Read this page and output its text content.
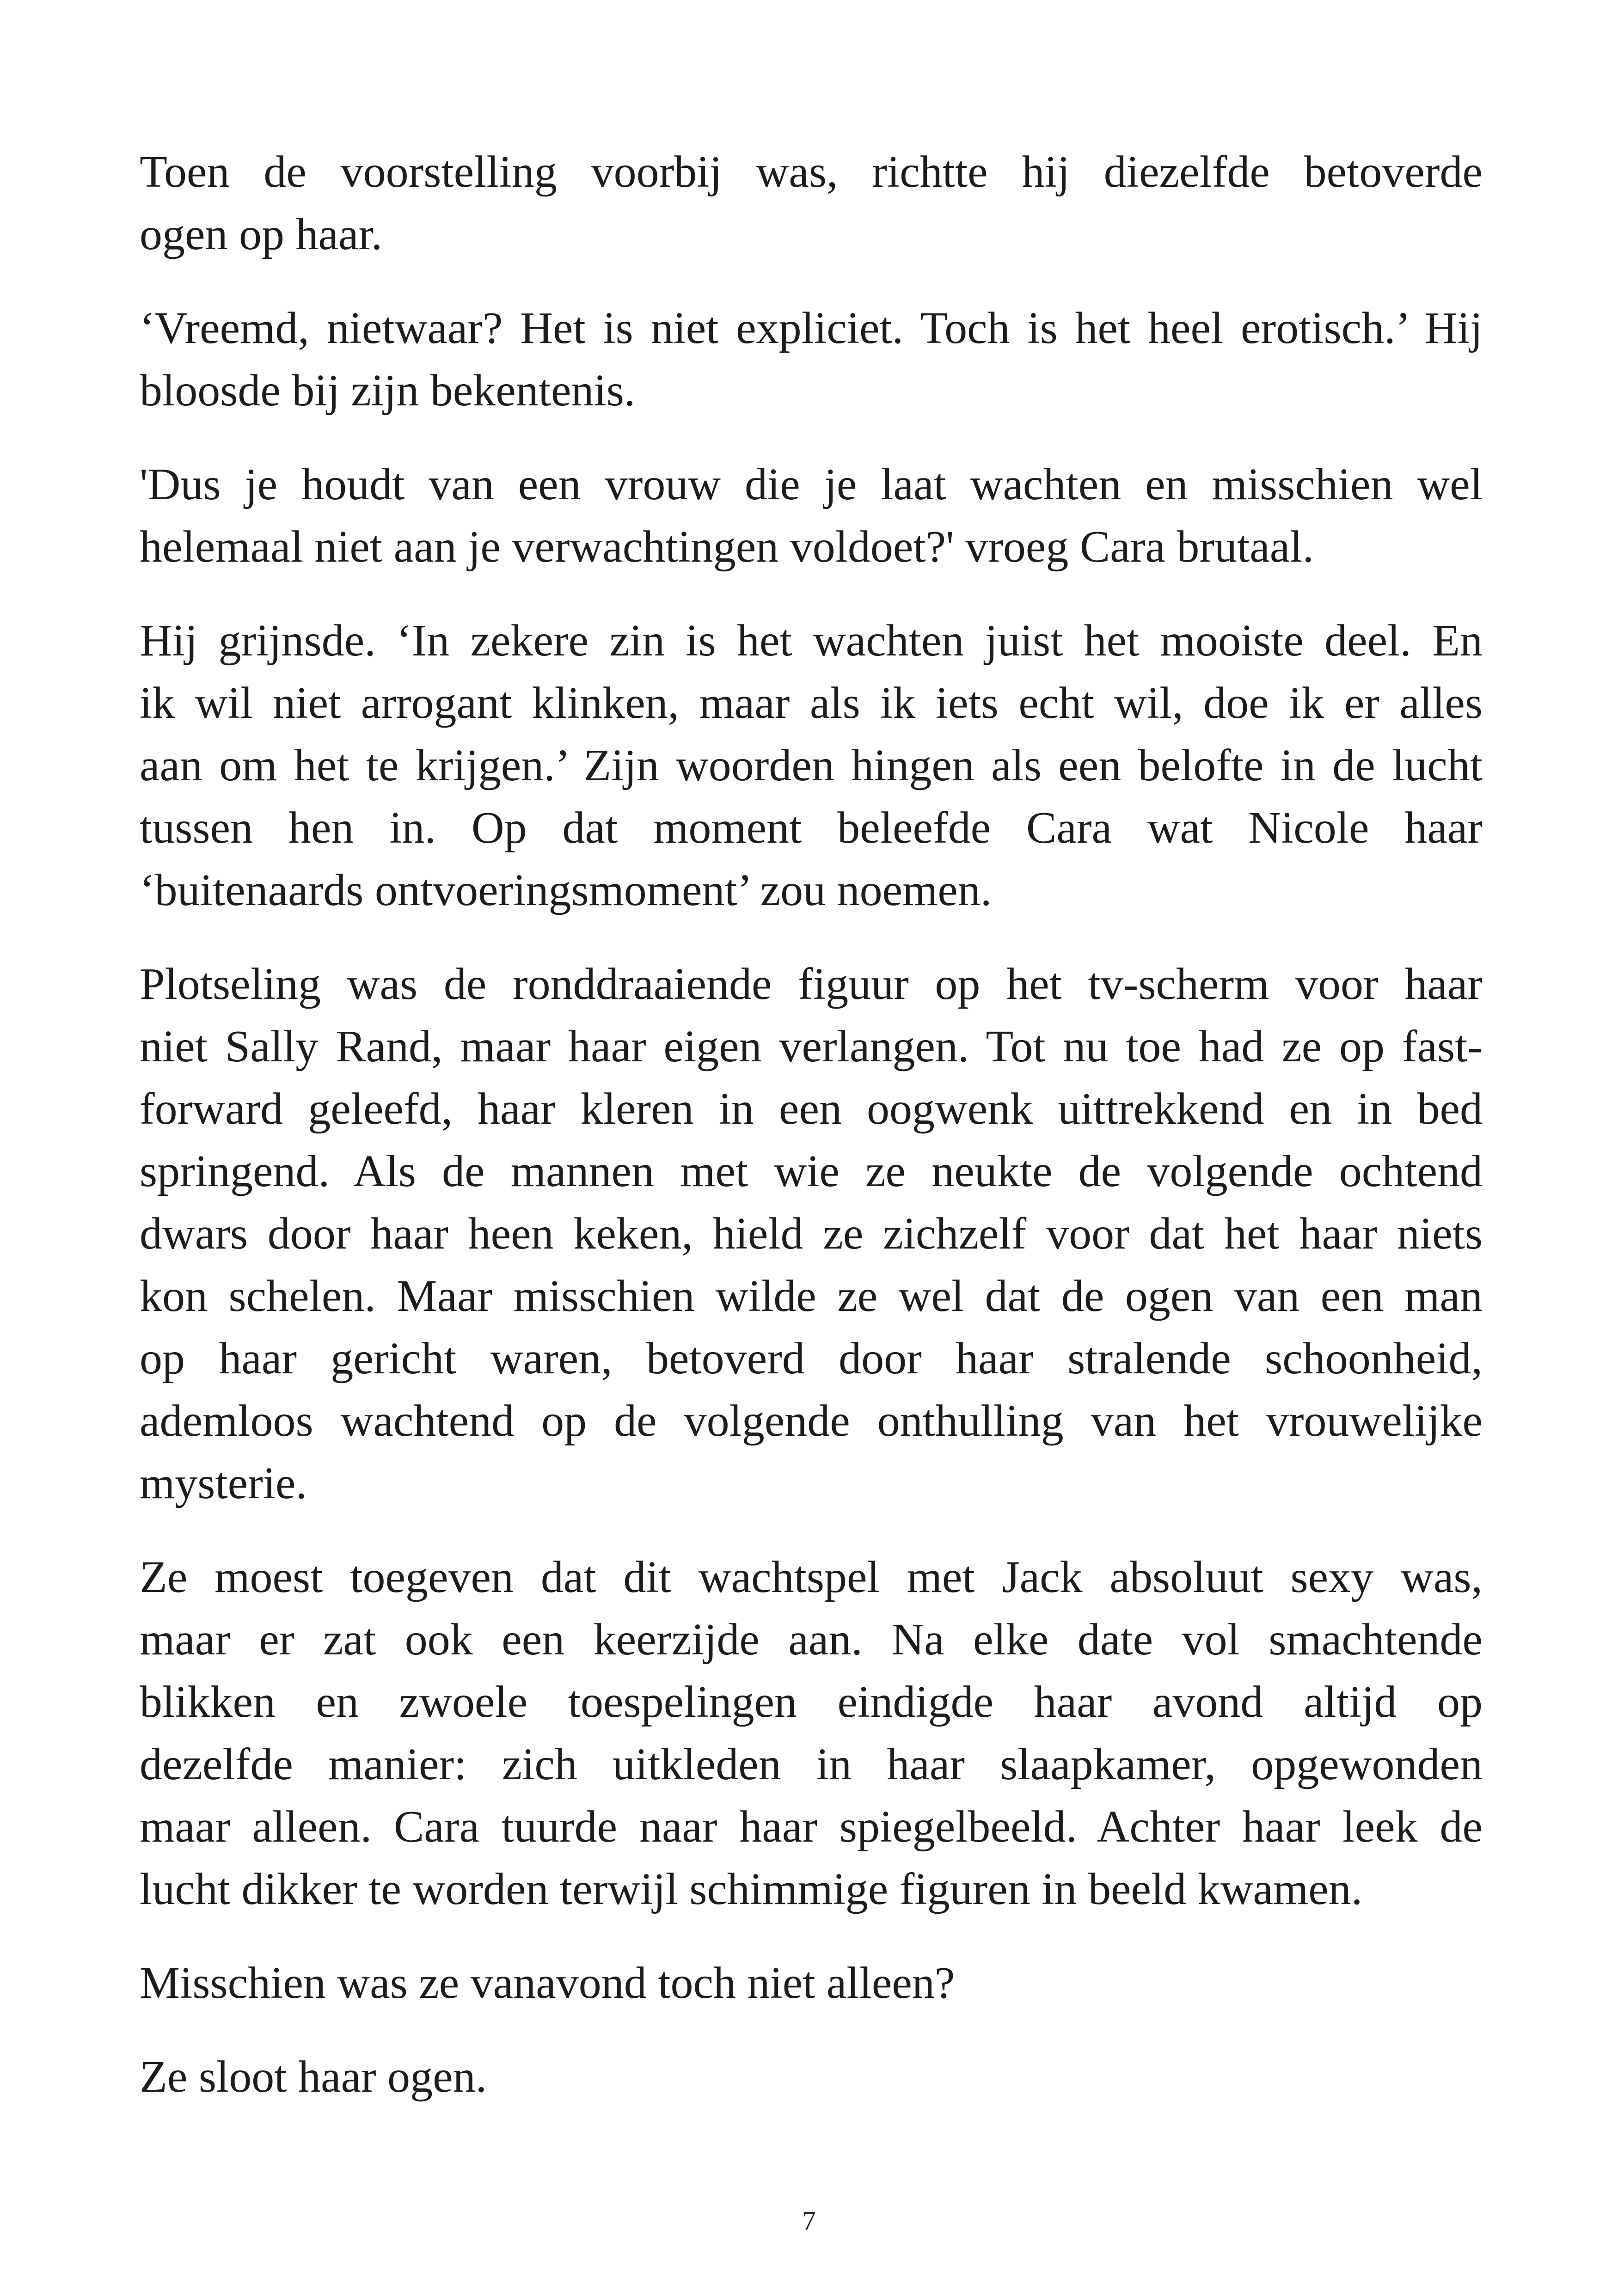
Toen de voorstelling voorbij was, richtte hij diezelfde betoverde
ogen op haar.
‘Vreemd, nietwaar? Het is niet expliciet. Toch is het heel erotisch.’ Hij
bloosde bij zijn bekentenis.
'Dus je houdt van een vrouw die je laat wachten en misschien wel
helemaal niet aan je verwachtingen voldoet?' vroeg Cara brutaal.
Hij grijnsde. ‘In zekere zin is het wachten juist het mooiste deel. En
ik wil niet arrogant klinken, maar als ik iets echt wil, doe ik er alles
aan om het te krijgen.’ Zijn woorden hingen als een belofte in de lucht
tussen hen in. Op dat moment beleefde Cara wat Nicole haar
‘buitenaards ontvoeringsmoment’ zou noemen.
Plotseling was de ronddraaiende figuur op het tv-scherm voor haar
niet Sally Rand, maar haar eigen verlangen. Tot nu toe had ze op fast-
forward geleefd, haar kleren in een oogwenk uittrekkend en in bed
springend. Als de mannen met wie ze neukte de volgende ochtend
dwars door haar heen keken, hield ze zichzelf voor dat het haar niets
kon schelen. Maar misschien wilde ze wel dat de ogen van een man
op haar gericht waren, betoverd door haar stralende schoonheid,
ademloos wachtend op de volgende onthulling van het vrouwelijke
mysterie.
Ze moest toegeven dat dit wachtspel met Jack absoluut sexy was,
maar er zat ook een keerzijde aan. Na elke date vol smachtende
blikken en zwoele toespelingen eindigde haar avond altijd op
dezelfde manier: zich uitkleden in haar slaapkamer, opgewonden
maar alleen. Cara tuurde naar haar spiegelbeeld. Achter haar leek de
lucht dikker te worden terwijl schimmige figuren in beeld kwamen.
Misschien was ze vanavond toch niet alleen?
Ze sloot haar ogen.
7
